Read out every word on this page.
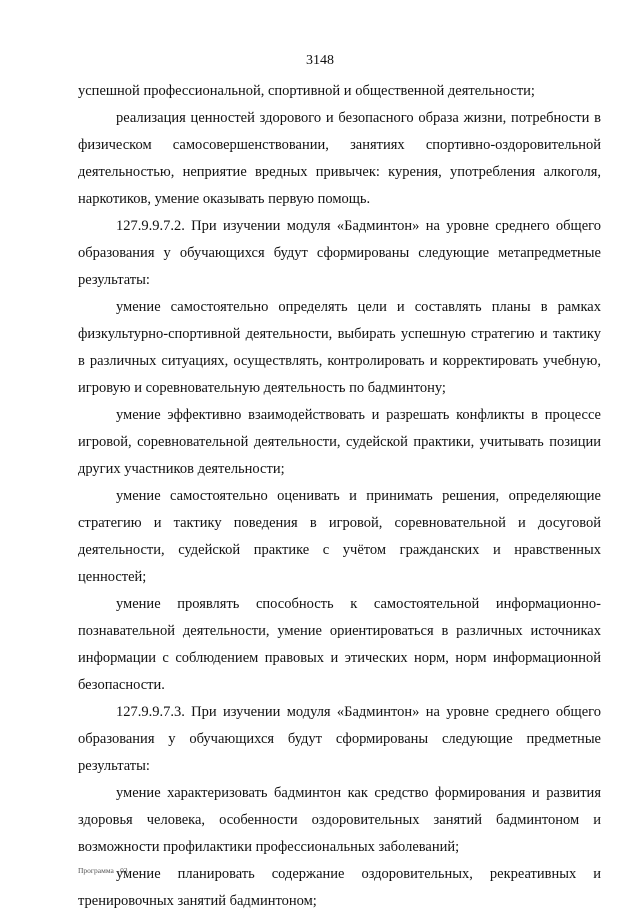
3148

успешной профессиональной, спортивной и общественной деятельности;

реализация ценностей здорового и безопасного образа жизни, потребности в физическом самосовершенствовании, занятиях спортивно-оздоровительной деятельностью, неприятие вредных привычек: курения, употребления алкоголя, наркотиков, умение оказывать первую помощь.

127.9.9.7.2. При изучении модуля «Бадминтон» на уровне среднего общего образования у обучающихся будут сформированы следующие метапредметные результаты:

умение самостоятельно определять цели и составлять планы в рамках физкультурно-спортивной деятельности, выбирать успешную стратегию и тактику в различных ситуациях, осуществлять, контролировать и корректировать учебную, игровую и соревновательную деятельность по бадминтону;

умение эффективно взаимодействовать и разрешать конфликты в процессе игровой, соревновательной деятельности, судейской практики, учитывать позиции других участников деятельности;

умение самостоятельно оценивать и принимать решения, определяющие стратегию и тактику поведения в игровой, соревновательной и досуговой деятельности, судейской практике с учётом гражданских и нравственных ценностей;

умение проявлять способность к самостоятельной информационно-познавательной деятельности, умение ориентироваться в различных источниках информации с соблюдением правовых и этических норм, норм информационной безопасности.

127.9.9.7.3. При изучении модуля «Бадминтон» на уровне среднего общего образования у обучающихся будут сформированы следующие предметные результаты:

умение характеризовать бадминтон как средство формирования и развития здоровья человека, особенности оздоровительных занятий бадминтоном и возможности профилактики профессиональных заболеваний;

умение планировать содержание оздоровительных, рекреативных и тренировочных занятий бадминтоном;

Программа - 03
